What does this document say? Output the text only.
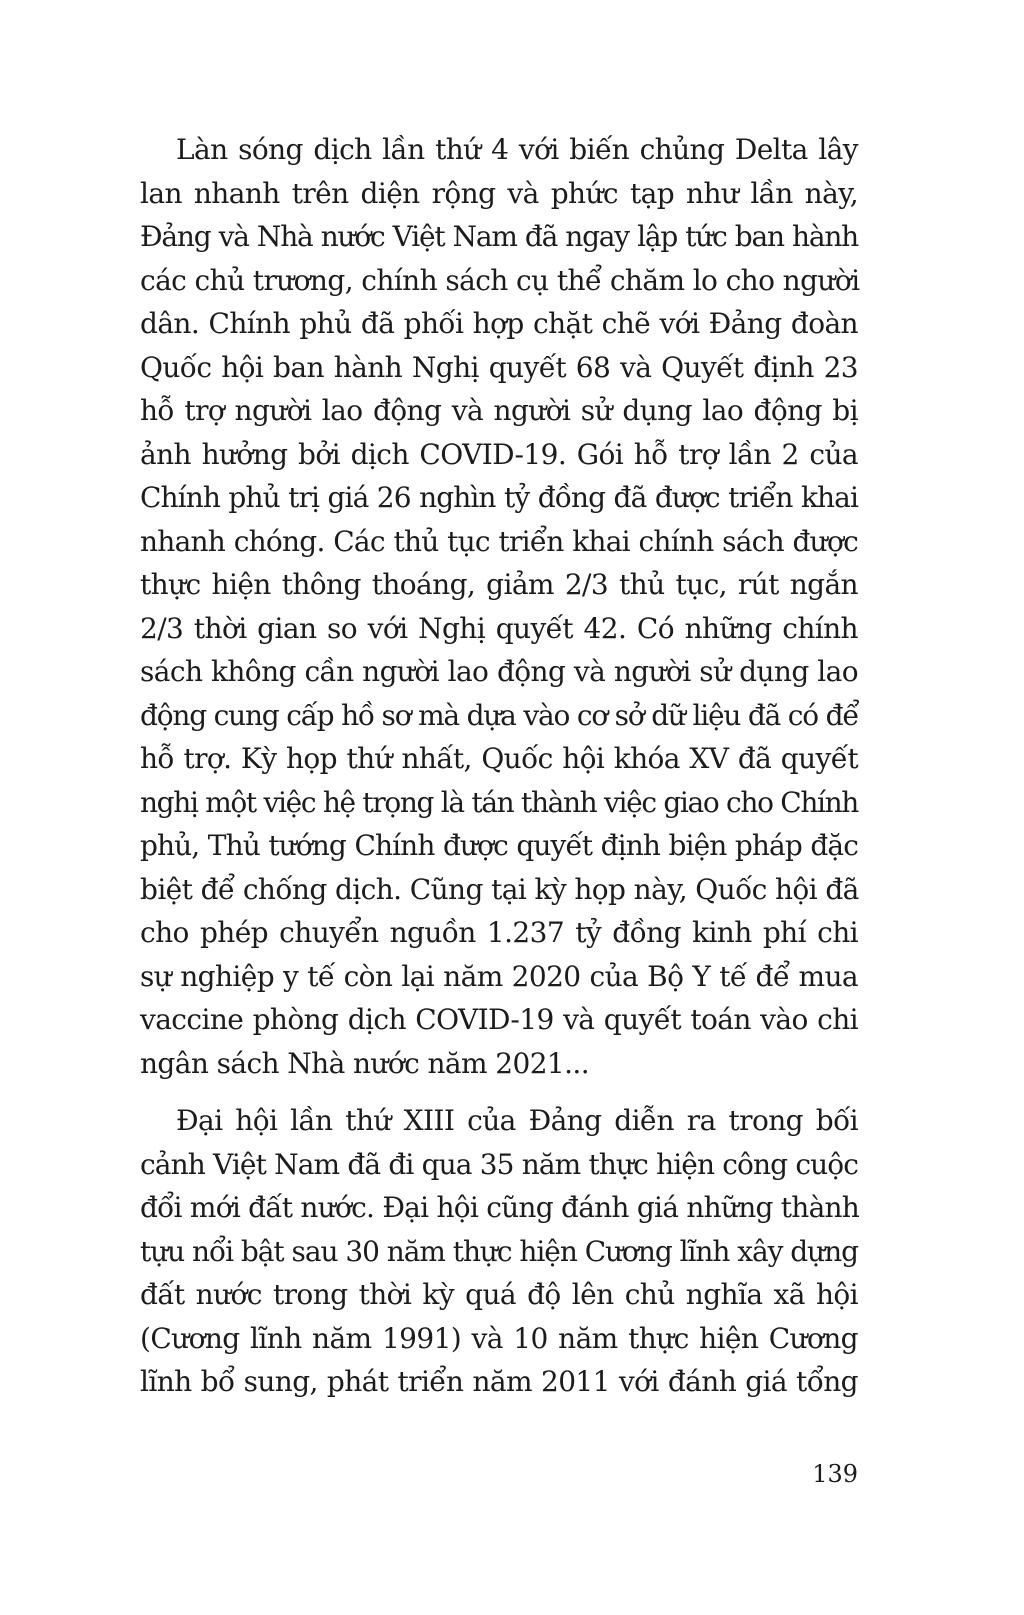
Làn sóng dịch lần thứ 4 với biến chủng Delta lây
lan nhanh trên diện rộng và phức tạp như lần này,
Đảng và Nhà nước Việt Nam đã ngay lập tức ban hành
các chủ trương, chính sách cụ thể chăm lo cho người
dân. Chính phủ đã phối hợp chặt chẽ với Đảng đoàn
Quốc hội ban hành Nghị quyết 68 và Quyết định 23
hỗ trợ người lao động và người sử dụng lao động bị
ảnh hưởng bởi dịch COVID-19. Gói hỗ trợ lần 2 của
Chính phủ trị giá 26 nghìn tỷ đồng đã được triển khai
nhanh chóng. Các thủ tục triển khai chính sách được
thực hiện thông thoáng, giảm 2/3 thủ tục, rút ngắn
2/3 thời gian so với Nghị quyết 42. Có những chính
sách không cần người lao động và người sử dụng lao
động cung cấp hồ sơ mà dựa vào cơ sở dữ liệu đã có để
hỗ trợ. Kỳ họp thứ nhất, Quốc hội khóa XV đã quyết
nghị một việc hệ trọng là tán thành việc giao cho Chính
phủ, Thủ tướng Chính được quyết định biện pháp đặc
biệt để chống dịch. Cũng tại kỳ họp này, Quốc hội đã
cho phép chuyển nguồn 1.237 tỷ đồng kinh phí chi
sự nghiệp y tế còn lại năm 2020 của Bộ Y tế để mua
vaccine phòng dịch COVID-19 và quyết toán vào chi
ngân sách Nhà nước năm 2021...
Đại hội lần thứ XIII của Đảng diễn ra trong bối
cảnh Việt Nam đã đi qua 35 năm thực hiện công cuộc
đổi mới đất nước. Đại hội cũng đánh giá những thành
tựu nổi bật sau 30 năm thực hiện Cương lĩnh xây dựng
đất nước trong thời kỳ quá độ lên chủ nghĩa xã hội
(Cương lĩnh năm 1991) và 10 năm thực hiện Cương
lĩnh bổ sung, phát triển năm 2011 với đánh giá tổng
139
